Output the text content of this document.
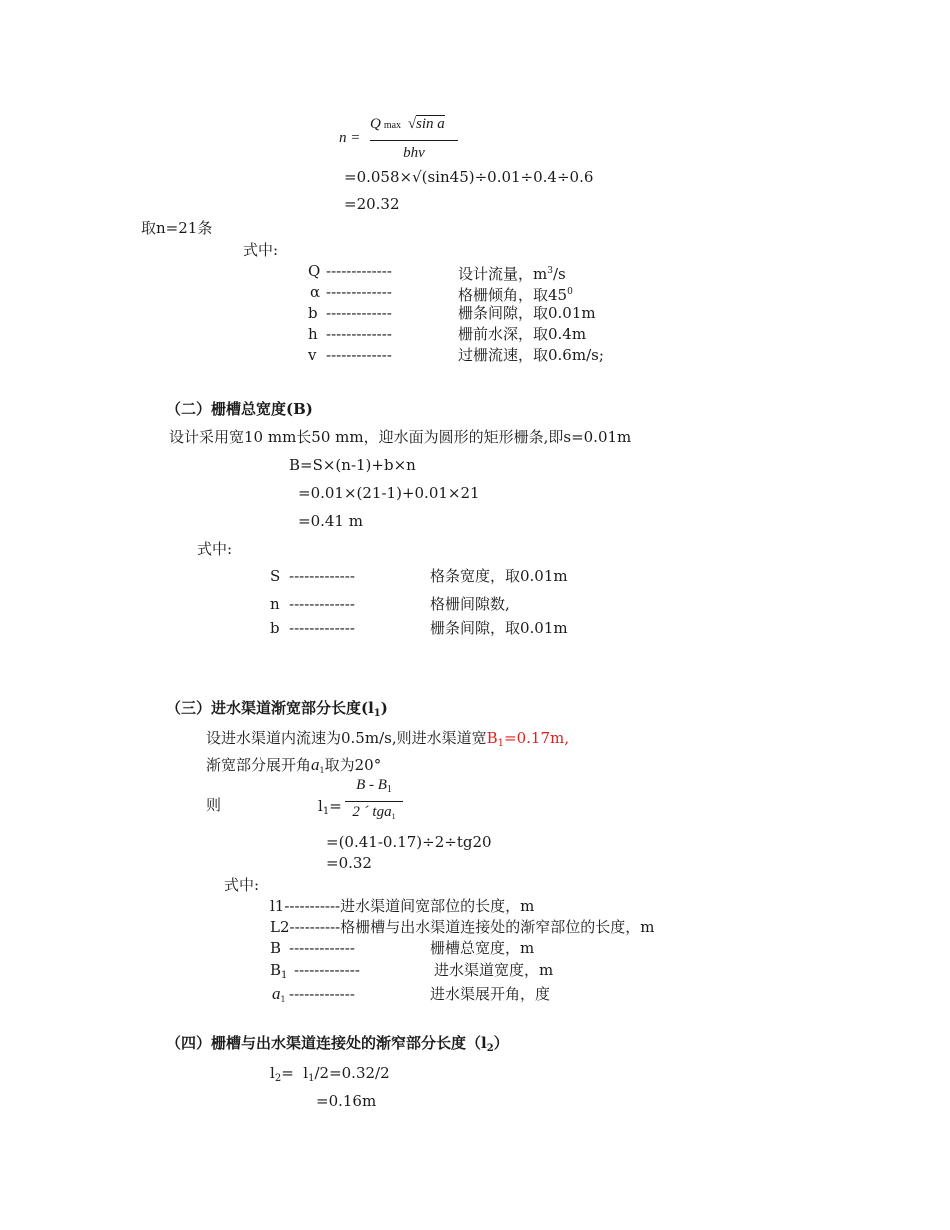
n =
Qmax √sin a
bhv
=0.058×√(sin45)÷0.01÷0.4÷0.6
=20.32
取n=21条
式中:
Q -------------	设计流量，$m^3/s$
α -------------	格栅倾角，取$45^0$
b -------------	栅条间隙，取0.01m
h -------------	栅前水深，取0.4m
v -------------	过栅流速，取0.6m/s;
（二）栅槽总宽度(B)
设计采用宽10 mm长50 mm，迎水面为圆形的矩形栅条,即s=0.01m
B=S×(n-1)+b×n
=0.01×(21-1)+0.01×21
=0.41 m
式中:
S -------------	格条宽度，取0.01m
n -------------	格栅间隙数,
b -------------	栅条间隙，取0.01m
（三）进水渠道渐宽部分长度$(l_1)$
设进水渠道内流速为0.5m/s,则进水渠道宽$B_1=0.17m$,
渐宽部分展开角$a_1$取为20°
则	$l_1=$
B - $B_1$
2 ´ tga$_1$
=(0.41-0.17)÷2÷tg20
=0.32
式中:
l1-----------进水渠道间宽部位的长度，m
L2----------格栅槽与出水渠道连接处的渐窄部位的长度，m
B -------------	栅槽总宽度，m
$B_1$ -------------	进水渠道宽度，m
$a_1$ -------------	进水渠展开角，度
（四）栅槽与出水渠道连接处的渐窄部分长度$(l_2)$
$l_2= l_1/2=0.32/2$
=0.16m
